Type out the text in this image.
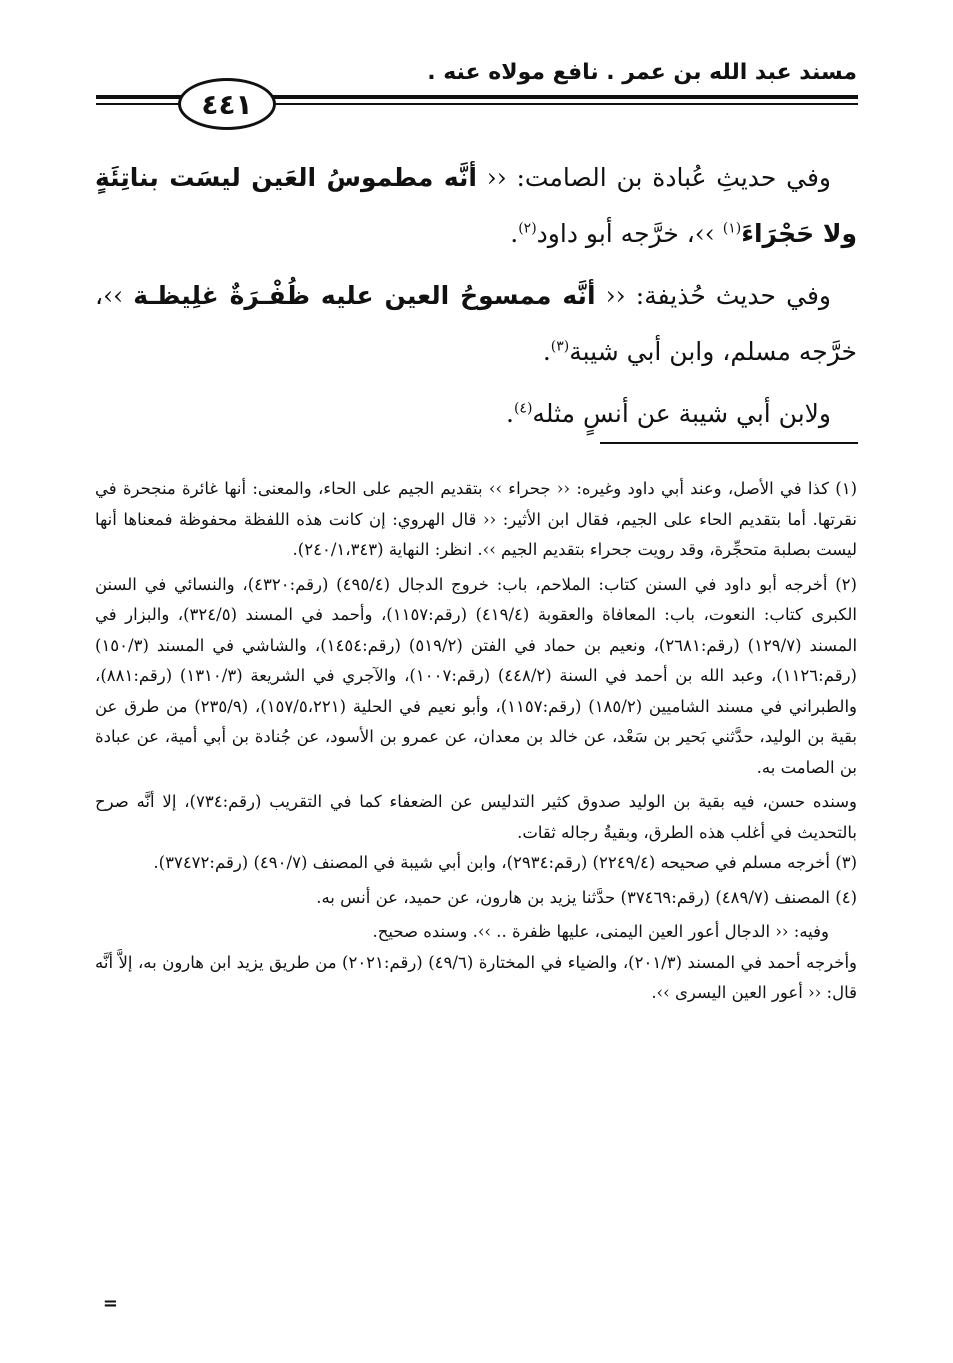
مسند عبد الله بن عمر . نافع مولاه عنه .
٤٤١

وفي حديثِ عُبادة بن الصامت: ‹‹ أنَّه مطموسُ العَين ليسَت بناتِئَةٍ ولا حَجْرَاءَ$^{(١)}$ ››، خرَّجه أبو داود$^{(٢)}$.

وفي حديث حُذيفة: ‹‹ أنَّه ممسوحُ العين عليه ظُفْـرَةٌ غلِيظـة ››، خرَّجه مسلم، وابن أبي شيبة$^{(٣)}$.

ولابن أبي شيبة عن أنسٍ مثله$^{(٤)}$.

(١) كذا في الأصل، وعند أبي داود وغيره: ‹‹ جحراء ›› بتقديم الجيم على الحاء، والمعنى: أنها غائرة منجحرة في نقرتها. أما بتقديم الحاء على الجيم، فقال ابن الأثير: ‹‹ قال الهروي: إن كانت هذه اللفظة محفوظة فمعناها أنها ليست بصلبة متحجِّرة، وقد رويت جحراء بتقديم الجيم ››. انظر: النهاية (٢٤٠/١،٣٤٣).

(٢) أخرجه أبو داود في السنن كتاب: الملاحم، باب: خروج الدجال (٤٩٥/٤) (رقم:٤٣٢٠)، والنسائي في السنن الكبرى كتاب: النعوت، باب: المعافاة والعقوبة (٤١٩/٤) (رقم:١١٥٧)، وأحمد في المسند (٣٢٤/٥)، والبزار في المسند (١٢٩/٧) (رقم:٢٦٨١)، ونعيم بن حماد في الفتن (٥١٩/٢) (رقم:١٤٥٤)، والشاشي في المسند (١٥٠/٣) (رقم:١١٢٦)، وعبد الله بن أحمد في السنة (٤٤٨/٢) (رقم:١٠٠٧)، والآجري في الشريعة (١٣١٠/٣) (رقم:٨٨١)، والطبراني في مسند الشاميين (١٨٥/٢) (رقم:١١٥٧)، وأبو نعيم في الحلية (١٥٧/٥،٢٢١)، (٢٣٥/٩) من طرق عن بقية بن الوليد، حدَّثني بَحير بن سَعْد، عن خالد بن معدان، عن عمرو بن الأسود، عن جُنادة بن أبي أمية، عن عبادة بن الصامت به.

وسنده حسن، فيه بقية بن الوليد صدوق كثير التدليس عن الضعفاء كما في التقريب (رقم:٧٣٤)، إلا أنَّه صرح بالتحديث في أغلب هذه الطرق، وبقيةُ رجاله ثقات.

(٣) أخرجه مسلم في صحيحه (٢٢٤٩/٤) (رقم:٢٩٣٤)، وابن أبي شيبة في المصنف (٤٩٠/٧) (رقم:٣٧٤٧٢).

(٤) المصنف (٤٨٩/٧) (رقم:٣٧٤٦٩) حدَّثنا يزيد بن هارون، عن حميد، عن أنس به.

وفيه: ‹‹ الدجال أعور العين اليمنى، عليها ظفرة .. ››. وسنده صحيح.

وأخرجه أحمد في المسند (٢٠١/٣)، والضياء في المختارة (٤٩/٦) (رقم:٢٠٢١) من طريق يزيد ابن هارون به، إلاَّ أنَّه قال: ‹‹ أعور العين اليسرى ››.

=
